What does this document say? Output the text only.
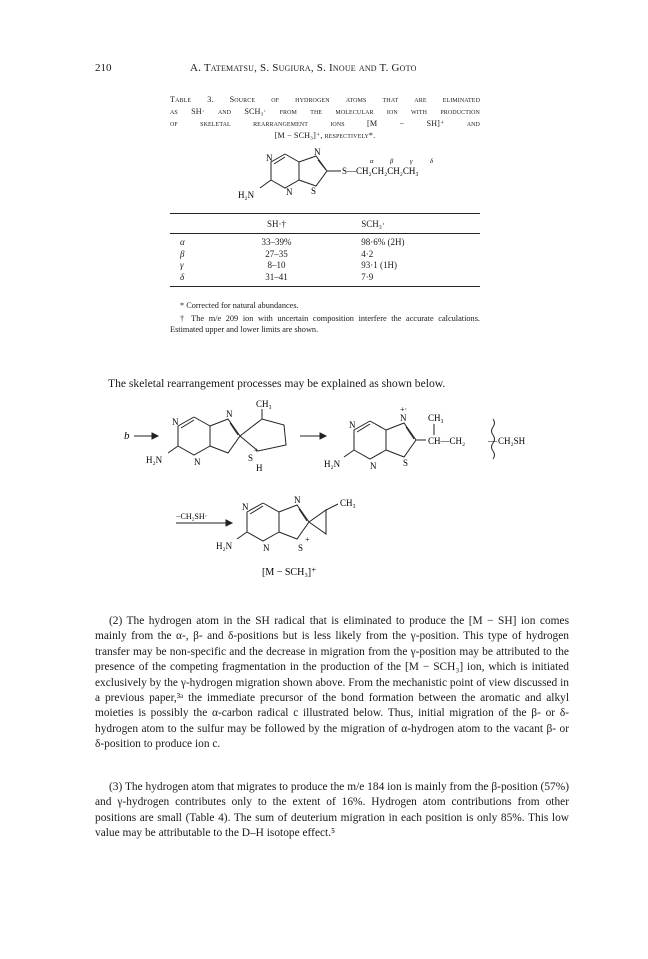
210	A. Tatematsu, S. Sugiura, S. Inoue and T. Goto
Table 3. Source of hydrogen atoms that are eliminated
as SH· and SCH₃· from the molecular ion with production
of skeletal rearrangement ions [M − SH]⁺ and
[M − SCH₃]⁺, respectively*.
N
N
N
S
H₂N
S—CH₂CH₂CH₂CH₃
α	β	γ	δ
	SH·†	SCH₃·
α	33–39%	98·6% (2H)
β	27–35	4·2
γ	8–10	93·1 (1H)
δ	31–41	7·9
* Corrected for natural abundances.
† The m/e 209 ion with uncertain composition interfere the accurate calculations. Estimated upper and lower limits are shown.
The skeletal rearrangement processes may be explained as shown below.
b
N
N
N
S
+
H
CH₃
H₂N
N
N
N
+·
S
H₂N
CH₃
CH—CH₂	— CH₂SH
−CH₂SH·
N
N
N
S
+
H₂N
CH₃
[M − SCH₃]⁺
(2) The hydrogen atom in the SH radical that is eliminated to produce the [M − SH] ion comes mainly from the α-, β- and δ-positions but is less likely from the γ-position. This type of hydrogen transfer may be non-specific and the decrease in migration from the γ-position may be attributed to the presence of the competing fragmentation in the production of the [M − SCH₃] ion, which is initiated exclusively by the γ-hydrogen migration shown above. From the mechanistic point of view discussed in a previous paper,³ᵃ the immediate precursor of the bond formation between the aromatic and alkyl moieties is possibly the α-carbon radical c illustrated below. Thus, initial migration of the β- or δ-hydrogen atom to the sulfur may be followed by the migration of α-hydrogen atom to the vacant β- or δ-position to produce ion c.
(3) The hydrogen atom that migrates to produce the m/e 184 ion is mainly from the β-position (57%) and γ-hydrogen contributes only to the extent of 16%. Hydrogen atom contributions from other positions are small (Table 4). The sum of deuterium migration in each position is only 85%. This low value may be attributable to the D–H isotope effect.⁵
